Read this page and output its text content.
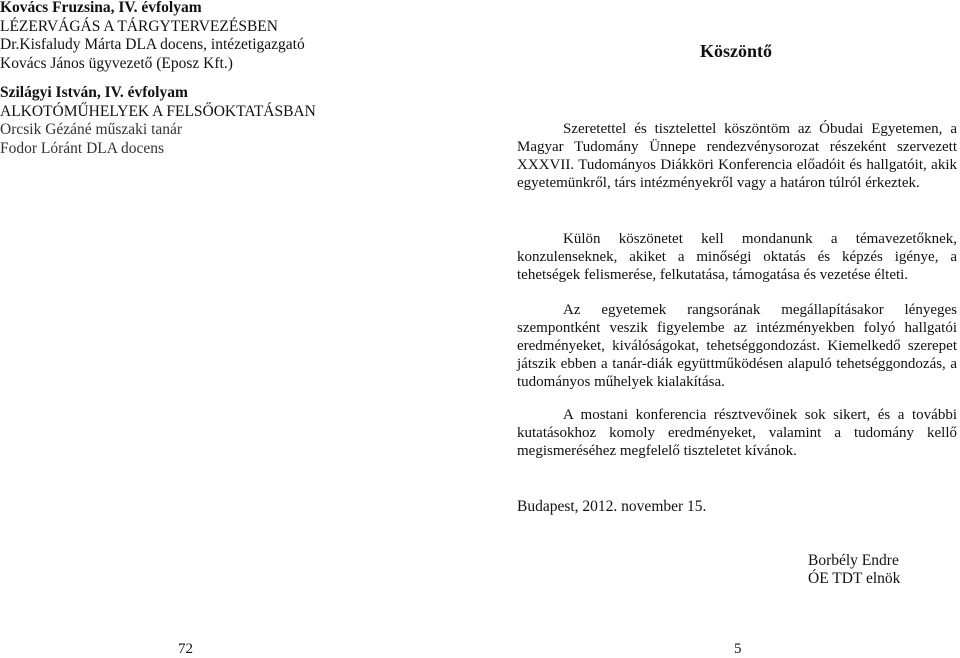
Kovács Fruzsina, IV. évfolyam
LÉZERVÁGÁS A TÁRGYTERVEZÉSBEN
Dr.Kisfaludy Márta DLA docens, intézetigazgató
Kovács János ügyvezető (Eposz Kft.)
Szilágyi István, IV. évfolyam
ALKOTÓMŰHELYEK A FELSŐOKTATÁSBAN
Orcsik Gézáné műszaki tanár
Fodor Lóránt DLA docens
Köszöntő

Szeretettel és tisztelettel köszöntöm az Óbudai Egyetemen, a Magyar Tudomány Ünnepe rendezvénysorozat részeként szervezett XXXVII. Tudományos Diákköri Konferencia előadóit és hallgatóit, akik egyetemünkről, társ intézményekről vagy a határon túlról érkeztek.

Külön köszönetet kell mondanunk a témavezetőknek, konzulenseknek, akiket a minőségi oktatás és képzés igénye, a tehetségek felismerése, felkutatása, támogatása és vezetése élteti.

Az egyetemek rangsorának megállapításakor lényeges szempontként veszik figyelembe az intézményekben folyó hallgatói eredményeket, kiválóságokat, tehetséggondozást. Kiemelkedő szerepet játszik ebben a tanár-diák együttműködésen alapuló tehetséggondozás, a tudományos műhelyek kialakítása.

A mostani konferencia résztvevőinek sok sikert, és a további kutatásokhoz komoly eredményeket, valamint a tudomány kellő megismeréséhez megfelelő tiszteletet kívánok.

Budapest, 2012. november 15.
Borbély Endre
ÓE TDT elnök
72	5
